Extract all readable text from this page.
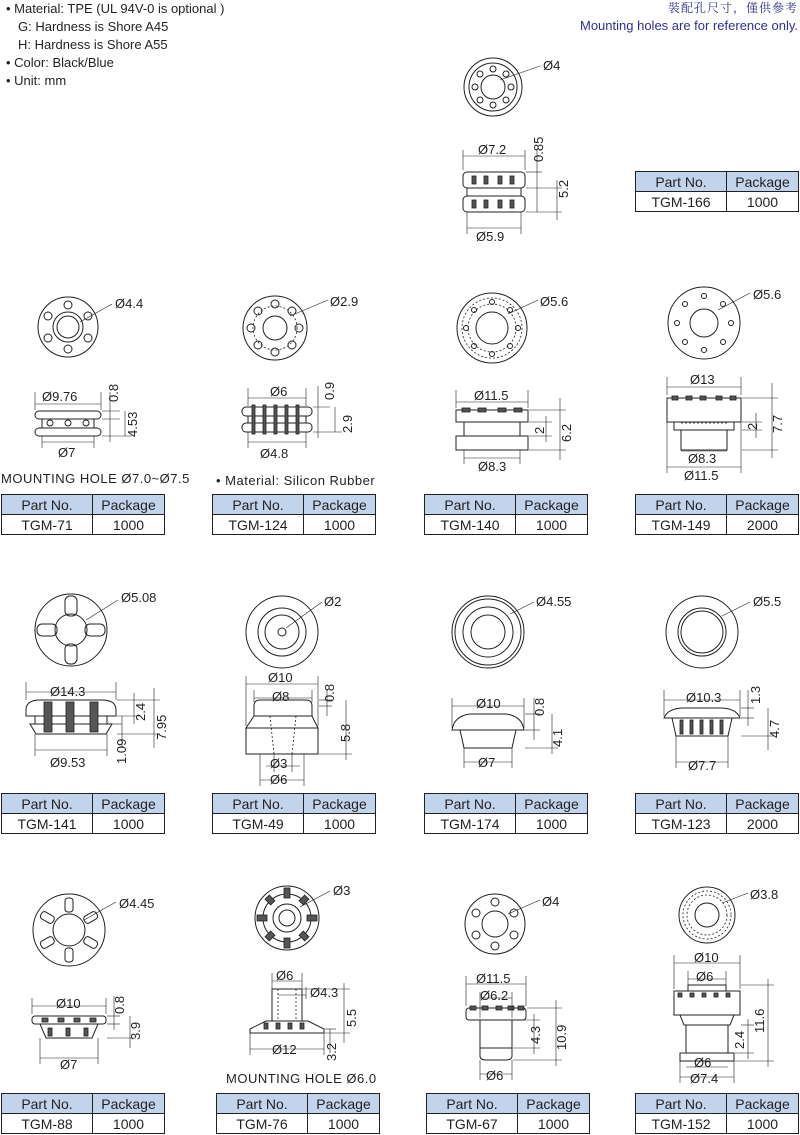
• Material: TPE (UL 94V-0 is optional )
G: Hardness is Shore A45
H: Hardness is Shore A55
• Color: Black/Blue
• Unit: mm
裝配孔尺寸，僅供參考
Mounting holes are for reference only.
Ø4
Ø7.2 0.85
5.2
Ø5.9
Part No.	Package
TGM-166	1000
Ø4.4
Ø9.76 0.8
4.53
Ø7
MOUNTING HOLE Ø7.0~Ø7.5
Part No.	Package
TGM-71	1000
Ø2.9
Ø6	0.9
2.9
Ø4.8
• Material: Silicon Rubber
Part No.	Package
TGM-124	1000
Ø5.6
Ø11.5
2 6.2
Ø8.3
Part No.	Package
TGM-140	1000
Ø5.6
Ø13
2 7.7
Ø8.3
Ø11.5
Part No.	Package
TGM-149	2000
Ø5.08
Ø14.3
2.4
7.95
1.09
Ø9.53
Part No.	Package
TGM-141	1000
Ø2
Ø10
Ø8	0.8
5.8
Ø3
Ø6
Part No.	Package
TGM-49	1000
Ø4.55
Ø10 0.8
4.1
Ø7
Part No.	Package
TGM-174	1000
Ø5.5
Ø10.3 1.3
4.7
Ø7.7
Part No.	Package
TGM-123	2000
Ø4.45
Ø10 0.8
3.9
Ø7
Part No.	Package
TGM-88	1000
Ø3
Ø6
Ø4.3
5.5
3.2
Ø12
MOUNTING HOLE Ø6.0
Part No.	Package
TGM-76	1000
Ø4
Ø11.5
Ø6.2
4.3 10.9
Ø6
Part No.	Package
TGM-67	1000
Ø3.8
Ø10
Ø6
2.4
11.6
Ø6
Ø7.4
Part No.	Package
TGM-152	1000
